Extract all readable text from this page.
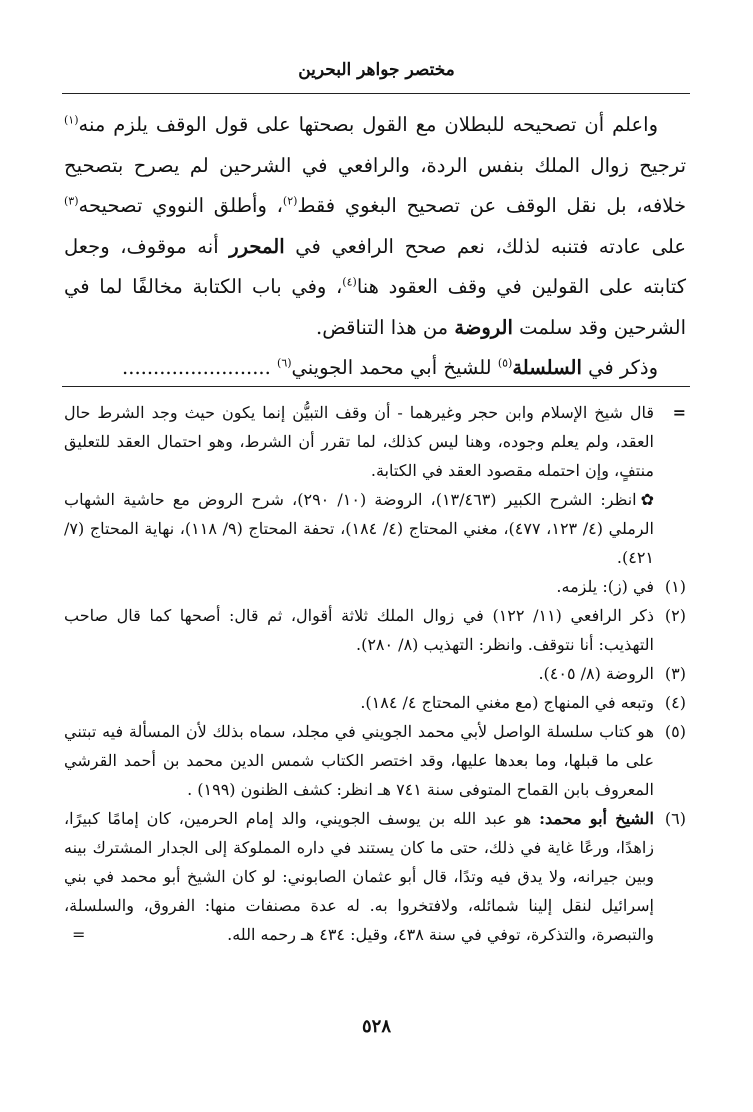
مختصر جواهر البحرين

واعلم أن تصحيحه للبطلان مع القول بصحتها على قول الوقف يلزم منه$^{(١)}$ ترجيح زوال الملك بنفس الردة، والرافعي في الشرحين لم يصرح بتصحيح خلافه، بل نقل الوقف عن تصحيح البغوي فقط$^{(٢)}$، وأطلق النووي تصحيحه$^{(٣)}$ على عادته فتنبه لذلك، نعم صحح الرافعي في المحرر أنه موقوف، وجعل كتابته على القولين في وقف العقود هنا$^{(٤)}$، وفي باب الكتابة مخالفًا لما في الشرحين وقد سلمت الروضة من هذا التناقض.

وذكر في السلسلة$^{(٥)}$ للشيخ أبي محمد الجويني$^{(٦)}$ ........................

=
قال شيخ الإسلام وابن حجر وغيرهما - أن وقف التبيُّن إنما يكون حيث وجد الشرط حال العقد، ولم يعلم وجوده، وهنا ليس كذلك، لما تقرر أن الشرط، وهو احتمال العقد للتعليق منتفٍ، وإن احتمله مقصود العقد في الكتابة.
✿انظر: الشرح الكبير (١٣/٤٦٣)، الروضة (١٠/ ٢٩٠)، شرح الروض مع حاشية الشهاب الرملي (٤/ ١٢٣، ٤٧٧)، مغني المحتاج (٤/ ١٨٤)، تحفة المحتاج (٩/ ١١٨)، نهاية المحتاج (٧/ ٤٢١).
(١)
في (ز): يلزمه.
(٢)
ذكر الرافعي (١١/ ١٢٢) في زوال الملك ثلاثة أقوال، ثم قال: أصحها كما قال صاحب التهذيب: أنا نتوقف. وانظر: التهذيب (٨/ ٢٨٠).
(٣)
الروضة (٨/ ٤٠٥).
(٤)
وتبعه في المنهاج (مع مغني المحتاج ٤/ ١٨٤).
(٥)
هو كتاب سلسلة الواصل لأبي محمد الجويني في مجلد، سماه بذلك لأن المسألة فيه تبتني على ما قبلها، وما بعدها عليها، وقد اختصر الكتاب شمس الدين محمد بن أحمد القرشي المعروف بابن القماح المتوفى سنة ٧٤١ هـ انظر: كشف الظنون (١٩٩) .
(٦)
الشيخ أبو محمد: هو عبد الله بن يوسف الجويني، والد إمام الحرمين، كان إمامًا كبيرًا، زاهدًا، ورعًا غاية في ذلك، حتى ما كان يستند في داره المملوكة إلى الجدار المشترك بينه وبين جيرانه، ولا يدق فيه وتدًا، قال أبو عثمان الصابوني: لو كان الشيخ أبو محمد في بني إسرائيل لنقل إلينا شمائله، ولافتخروا به. له عدة مصنفات منها: الفروق، والسلسلة، والتبصرة، والتذكرة، توفي في سنة ٤٣٨، وقيل: ٤٣٤ هـ رحمه الله.
=
٥٢٨
